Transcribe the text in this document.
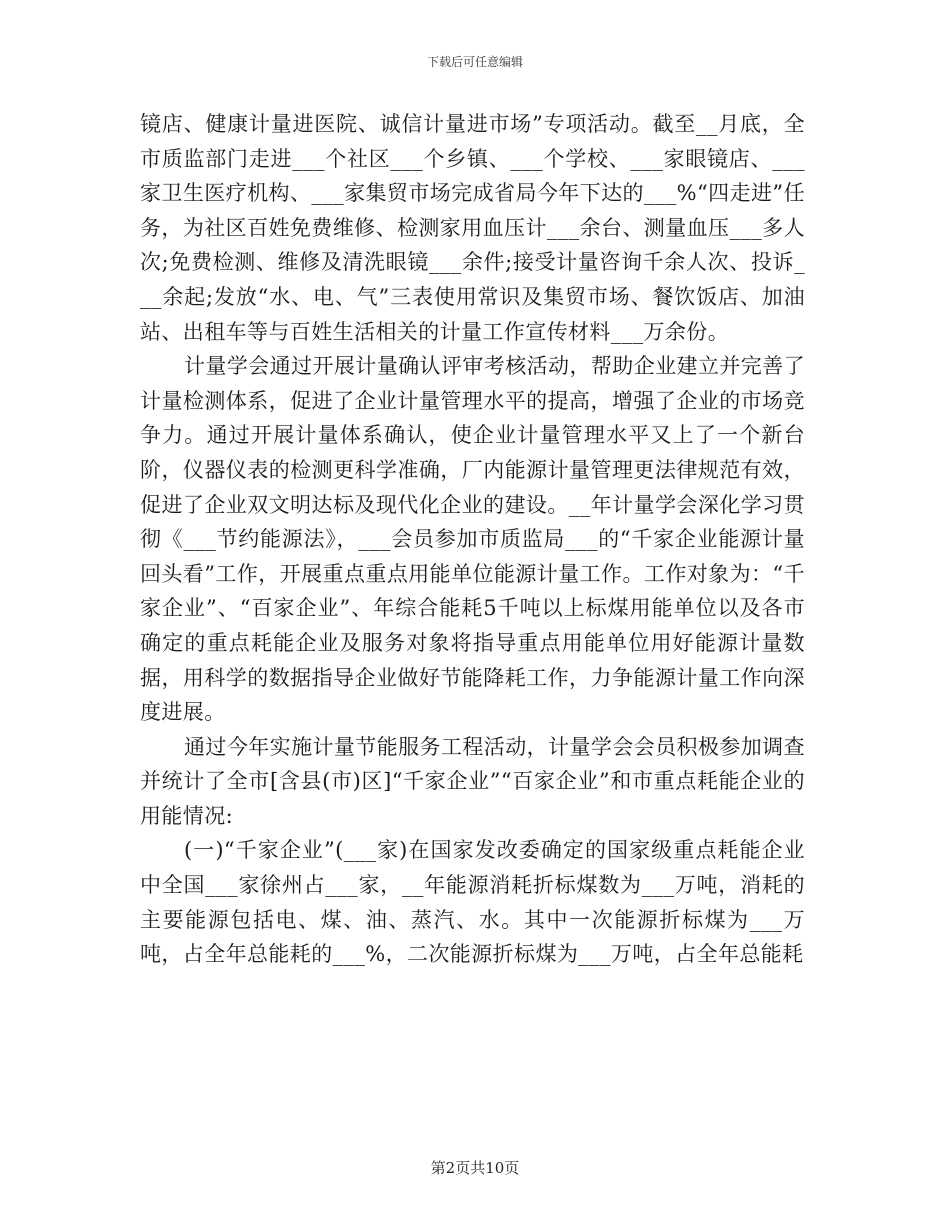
下载后可任意编辑

镜店、健康计量进医院、诚信计量进市场”专项活动。截至__月底，全市质监部门走进___个社区___个乡镇、___个学校、___家眼镜店、___家卫生医疗机构、___家集贸市场完成省局今年下达的___%“四走进”任务，为社区百姓免费维修、检测家用血压计___余台、测量血压___多人次;免费检测、维修及清洗眼镜___余件;接受计量咨询千余人次、投诉___余起;发放“水、电、气”三表使用常识及集贸市场、餐饮饭店、加油站、出租车等与百姓生活相关的计量工作宣传材料___万余份。

计量学会通过开展计量确认评审考核活动，帮助企业建立并完善了计量检测体系，促进了企业计量管理水平的提高，增强了企业的市场竞争力。通过开展计量体系确认，使企业计量管理水平又上了一个新台阶，仪器仪表的检测更科学准确，厂内能源计量管理更法律规范有效，促进了企业双文明达标及现代化企业的建设。__年计量学会深化学习贯彻《___节约能源法》，___会员参加市质监局___的“千家企业能源计量回头看”工作，开展重点重点用能单位能源计量工作。工作对象为：“千家企业”、“百家企业”、年综合能耗5千吨以上标煤用能单位以及各市确定的重点耗能企业及服务对象将指导重点用能单位用好能源计量数据，用科学的数据指导企业做好节能降耗工作，力争能源计量工作向深度进展。

通过今年实施计量节能服务工程活动，计量学会会员积极参加调查并统计了全市[含县(市)区]“千家企业”“百家企业”和市重点耗能企业的用能情况:

(一)“千家企业”(___家)在国家发改委确定的国家级重点耗能企业中全国___家徐州占___家，__年能源消耗折标煤数为___万吨，消耗的主要能源包括电、煤、油、蒸汽、水。其中一次能源折标煤为___万吨，占全年总能耗的___%，二次能源折标煤为___万吨，占全年总能耗

第2页共10页
